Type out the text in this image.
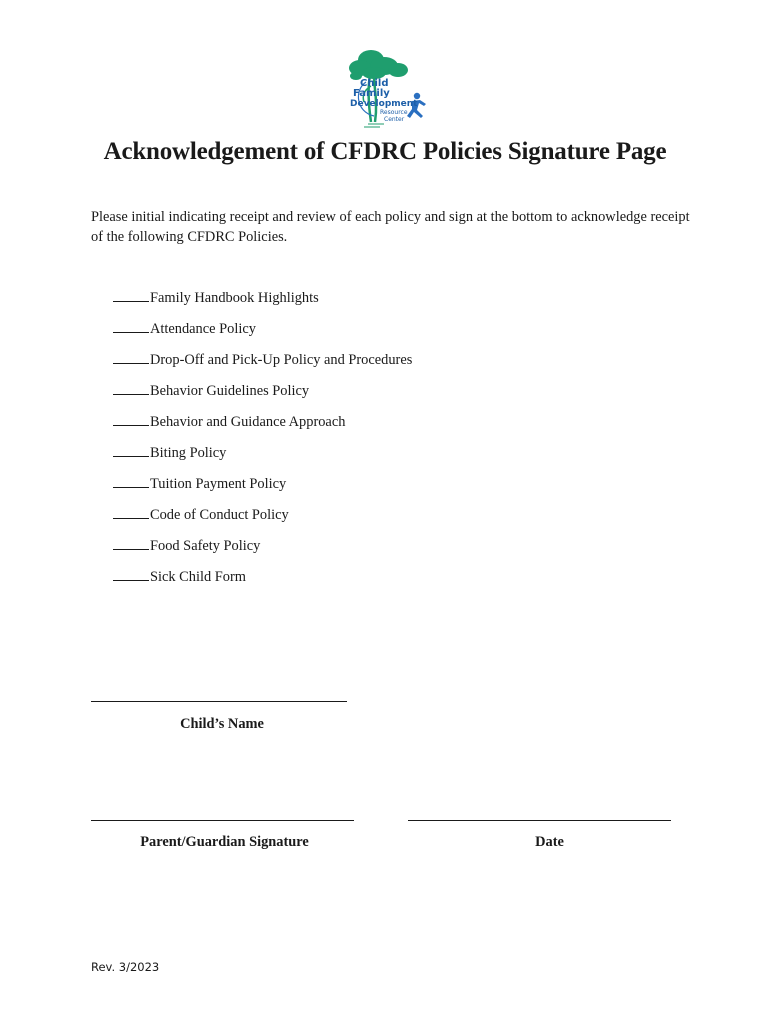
Child
Family
Development
Resource
Center
Acknowledgement of CFDRC Policies Signature Page

Please initial indicating receipt and review of each policy and sign at the bottom to acknowledge receipt of the following CFDRC Policies.

Family Handbook Highlights
Attendance Policy
Drop-Off and Pick-Up Policy and Procedures
Behavior Guidelines Policy
Behavior and Guidance Approach
Biting Policy
Tuition Payment Policy
Code of Conduct Policy
Food Safety Policy
Sick Child Form
Child’s Name
Parent/Guardian Signature	Date
Rev. 3/2023
